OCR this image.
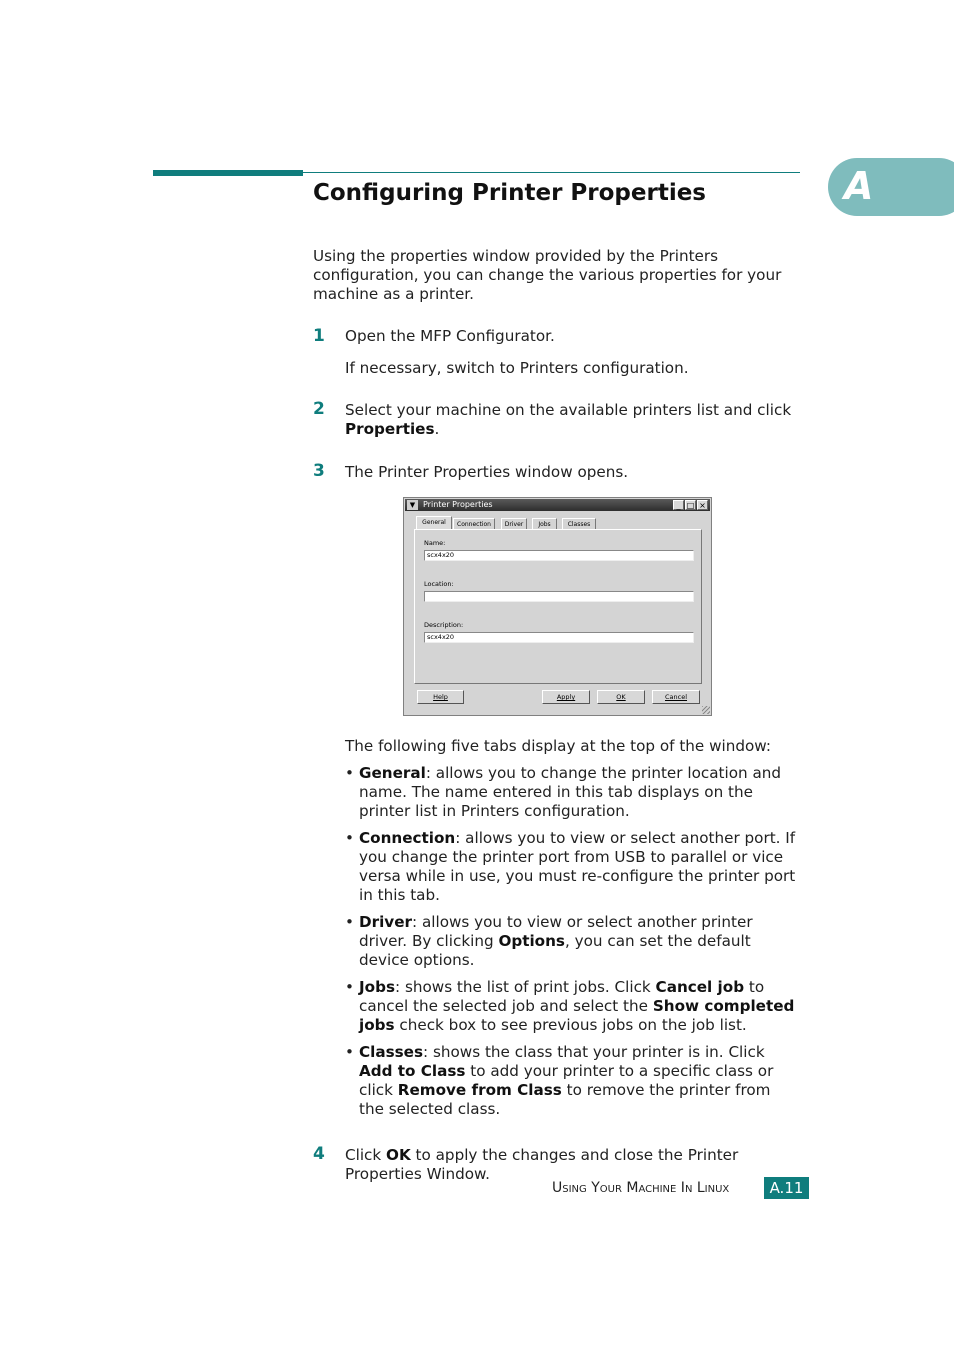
A
Configuring Printer Properties
Using the properties window provided by the Printers configuration, you can change the various properties for your machine as a printer.
1 Open the MFP Configurator.
If necessary, switch to Printers configuration.
2 Select your machine on the available printers list and click Properties.
3 The Printer Properties window opens.
▼ Printer Properties	_ □ ×
General	Connection	Driver	Jobs	Classes
Name:
scx4x20
Location:
Description:
scx4x20
Help	Apply	OK	Cancel
The following five tabs display at the top of the window:
• General: allows you to change the printer location and name. The name entered in this tab displays on the printer list in Printers configuration.
• Connection: allows you to view or select another port. If you change the printer port from USB to parallel or vice versa while in use, you must re-configure the printer port in this tab.
• Driver: allows you to view or select another printer driver. By clicking Options, you can set the default device options.
• Jobs: shows the list of print jobs. Click Cancel job to cancel the selected job and select the Show completed jobs check box to see previous jobs on the job list.
• Classes: shows the class that your printer is in. Click Add to Class to add your printer to a specific class or click Remove from Class to remove the printer from the selected class.
4 Click OK to apply the changes and close the Printer Properties Window.
Using Your Machine In Linux	A.11
